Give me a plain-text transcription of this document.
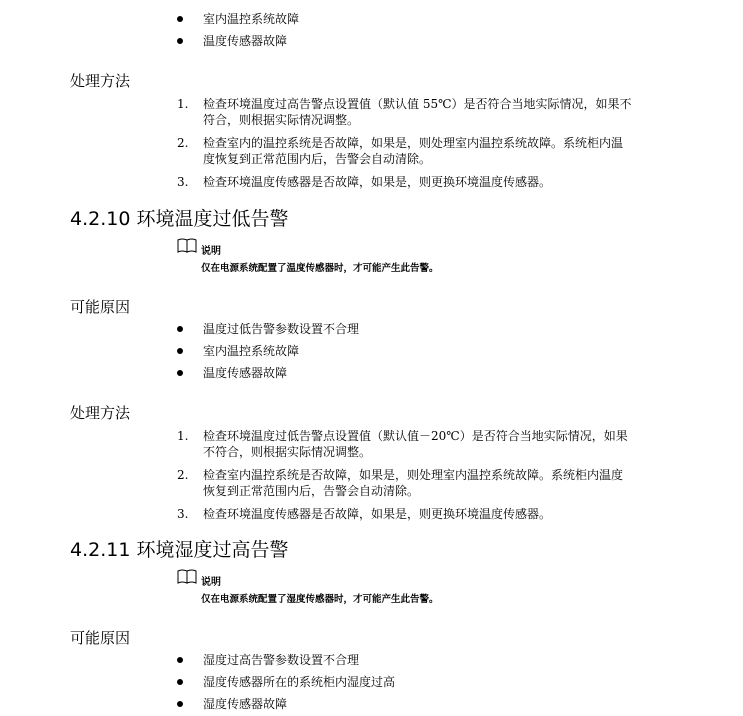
室内温控系统故障
温度传感器故障
处理方法
1. 检查环境温度过高告警点设置值（默认值 55℃）是否符合当地实际情况，如果不
符合，则根据实际情况调整。
2. 检查室内的温控系统是否故障，如果是，则处理室内温控系统故障。系统柜内温
度恢复到正常范围内后，告警会自动清除。
3. 检查环境温度传感器是否故障，如果是，则更换环境温度传感器。
4.2.10 环境温度过低告警
说明
仅在电源系统配置了温度传感器时，才可能产生此告警。
可能原因
温度过低告警参数设置不合理
室内温控系统故障
温度传感器故障
处理方法
1. 检查环境温度过低告警点设置值（默认值－20℃）是否符合当地实际情况，如果
不符合，则根据实际情况调整。
2. 检查室内温控系统是否故障，如果是，则处理室内温控系统故障。系统柜内温度
恢复到正常范围内后，告警会自动清除。
3. 检查环境温度传感器是否故障，如果是，则更换环境温度传感器。
4.2.11 环境湿度过高告警
说明
仅在电源系统配置了湿度传感器时，才可能产生此告警。
可能原因
湿度过高告警参数设置不合理
湿度传感器所在的系统柜内湿度过高
湿度传感器故障
